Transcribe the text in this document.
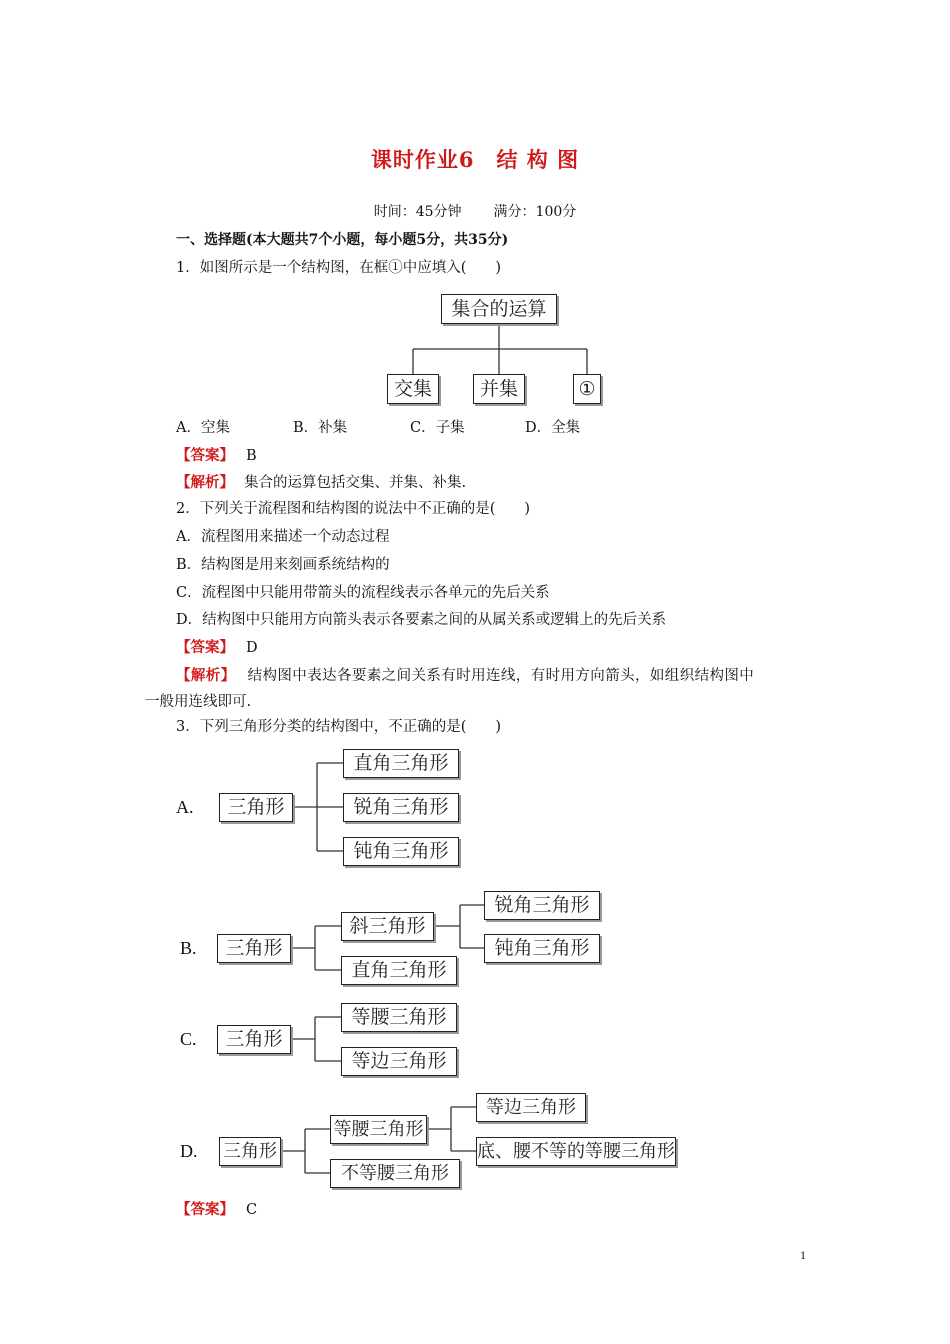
课时作业6　结 构 图
时间：45分钟 满分：100分
一、选择题(本大题共7个小题，每小题5分，共35分)
1．如图所示是一个结构图，在框①中应填入(　　)
集合的运算
交集	并集	①
A．空集	B．补集	C．子集	D．全集
【答案】 B
【解析】 集合的运算包括交集、并集、补集.
2．下列关于流程图和结构图的说法中不正确的是(　　)
A．流程图用来描述一个动态过程
B．结构图是用来刻画系统结构的
C．流程图中只能用带箭头的流程线表示各单元的先后关系
D．结构图中只能用方向箭头表示各要素之间的从属关系或逻辑上的先后关系
【答案】 D
【解析】 结构图中表达各要素之间关系有时用连线，有时用方向箭头，如组织结构图中
一般用连线即可.
3．下列三角形分类的结构图中，不正确的是(　　)
A.	三角形
直角三角形
锐角三角形
钝角三角形
B.	三角形
斜三角形
直角三角形
锐角三角形
钝角三角形
C.	三角形
等腰三角形
等边三角形
D. 三角形
等腰三角形
不等腰三角形
等边三角形
底、腰不等的等腰三角形
【答案】 C
1
